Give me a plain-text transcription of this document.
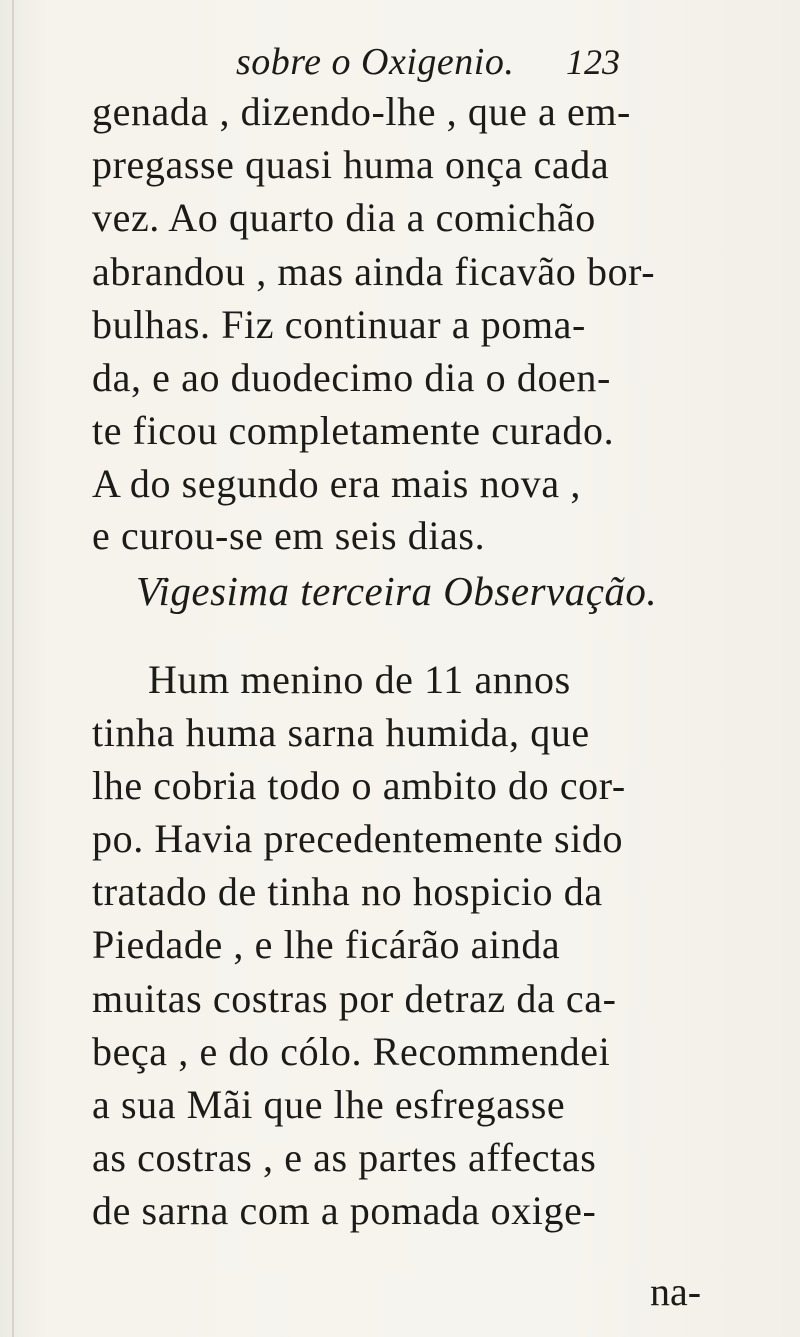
sobre o Oxigenio. 123
genada , dizendo-lhe , que a em-
pregasse quasi huma onça cada
vez. Ao quarto dia a comichão
abrandou , mas ainda ficavão bor-
bulhas. Fiz continuar a poma-
da, e ao duodecimo dia o doen-
te ficou completamente curado.
A do segundo era mais nova ,
e curou-se em seis dias.
Vigesima terceira Observação.
Hum menino de 11 annos
tinha huma sarna humida, que
lhe cobria todo o ambito do cor-
po. Havia precedentemente sido
tratado de tinha no hospicio da
Piedade , e lhe ficárão ainda
muitas costras por detraz da ca-
beça , e do cólo. Recommendei
a sua Mãi que lhe esfregasse
as costras , e as partes affectas
de sarna com a pomada oxige-
na-
